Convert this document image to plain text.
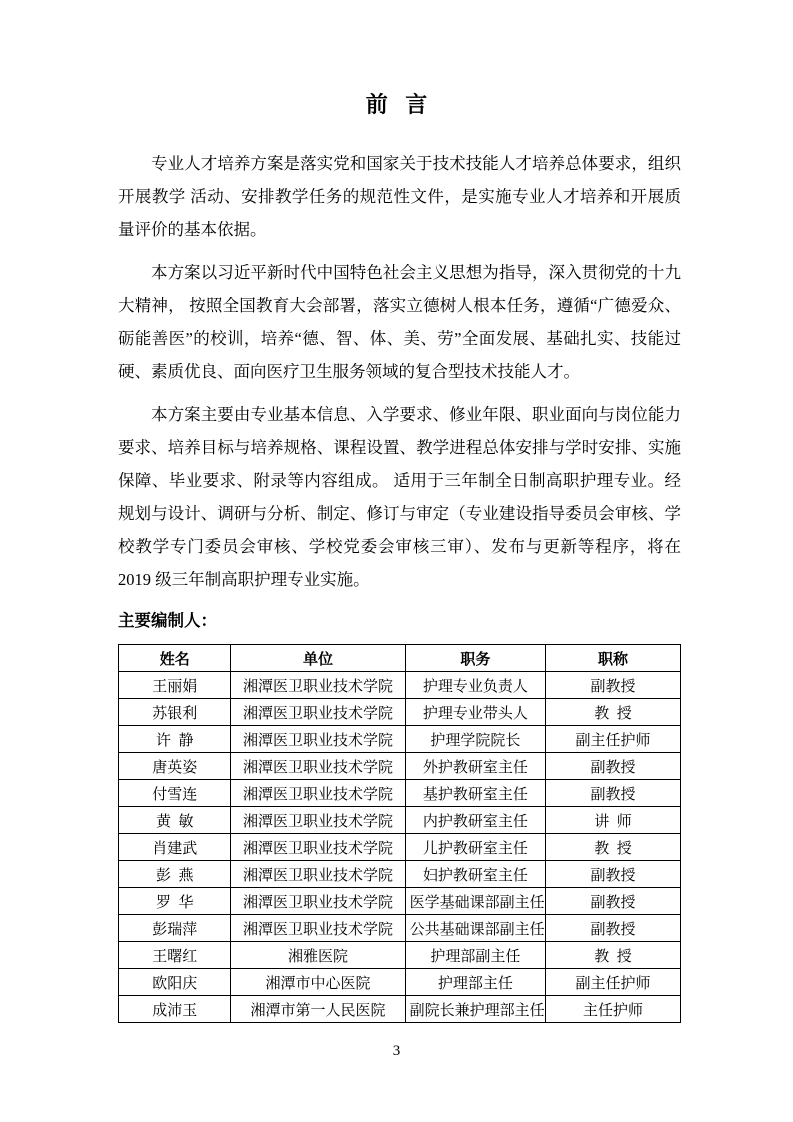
前 言

专业人才培养方案是落实党和国家关于技术技能人才培养总体要求，组织开展教学 活动、安排教学任务的规范性文件，是实施专业人才培养和开展质量评价的基本依据。

本方案以习近平新时代中国特色社会主义思想为指导，深入贯彻党的十九大精神， 按照全国教育大会部署，落实立德树人根本任务，遵循“广德爱众、砺能善医”的校训，培养“德、智、体、美、劳”全面发展、基础扎实、技能过硬、素质优良、面向医疗卫生服务领域的复合型技术技能人才。

本方案主要由专业基本信息、入学要求、修业年限、职业面向与岗位能力要求、培养目标与培养规格、课程设置、教学进程总体安排与学时安排、实施保障、毕业要求、附录等内容组成。 适用于三年制全日制高职护理专业。经规划与设计、调研与分析、制定、修订与审定（专业建设指导委员会审核、学校教学专门委员会审核、学校党委会审核三审）、发布与更新等程序，将在 2019 级三年制高职护理专业实施。

主要编制人：

姓名	单位	职务	职称
王丽娟	湘潭医卫职业技术学院	护理专业负责人	副教授
苏银利	湘潭医卫职业技术学院	护理专业带头人	教  授
许  静	湘潭医卫职业技术学院	护理学院院长	副主任护师
唐英姿	湘潭医卫职业技术学院	外护教研室主任	副教授
付雪连	湘潭医卫职业技术学院	基护教研室主任	副教授
黄  敏	湘潭医卫职业技术学院	内护教研室主任	讲  师
肖建武	湘潭医卫职业技术学院	儿护教研室主任	教  授
彭  燕	湘潭医卫职业技术学院	妇护教研室主任	副教授
罗  华	湘潭医卫职业技术学院	医学基础课部副主任	副教授
彭瑞萍	湘潭医卫职业技术学院	公共基础课部副主任	副教授
王曙红	湘雅医院	护理部副主任	教  授
欧阳庆	湘潭市中心医院	护理部主任	副主任护师
成沛玉	湘潭市第一人民医院	副院长兼护理部主任	主任护师
3
